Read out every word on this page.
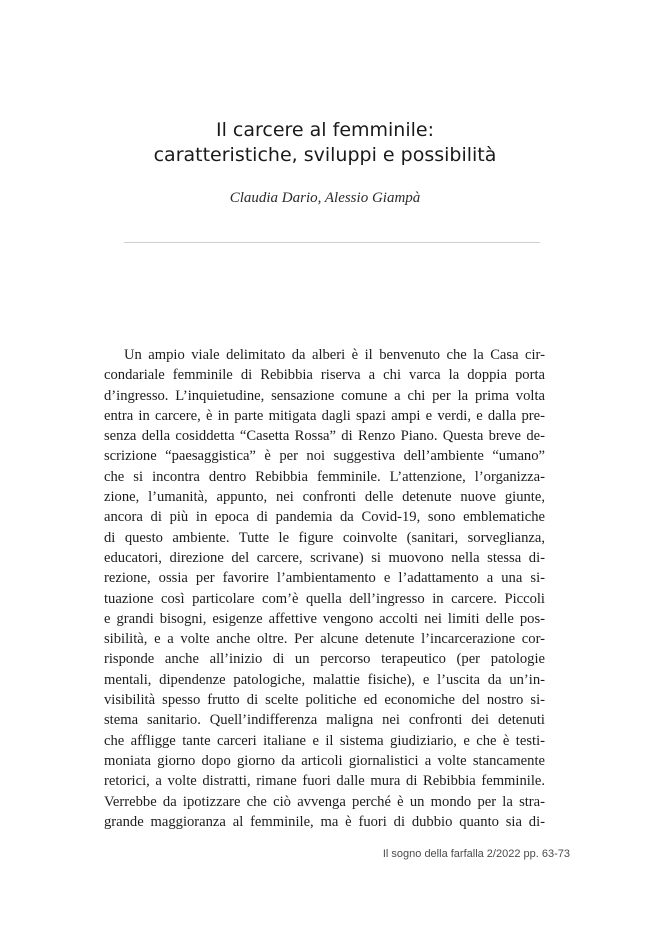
Il carcere al femminile:
caratteristiche, sviluppi e possibilità
Claudia Dario, Alessio Giampà
Un ampio viale delimitato da alberi è il benvenuto che la Casa cir-
condariale femminile di Rebibbia riserva a chi varca la doppia porta
d’ingresso. L’inquietudine, sensazione comune a chi per la prima volta
entra in carcere, è in parte mitigata dagli spazi ampi e verdi, e dalla pre-
senza della cosiddetta “Casetta Rossa” di Renzo Piano. Questa breve de-
scrizione “paesaggistica” è per noi suggestiva dell’ambiente “umano”
che si incontra dentro Rebibbia femminile. L’attenzione, l’organizza-
zione, l’umanità, appunto, nei confronti delle detenute nuove giunte,
ancora di più in epoca di pandemia da Covid-19, sono emblematiche
di questo ambiente. Tutte le figure coinvolte (sanitari, sorveglianza,
educatori, direzione del carcere, scrivane) si muovono nella stessa di-
rezione, ossia per favorire l’ambientamento e l’adattamento a una si-
tuazione così particolare com’è quella dell’ingresso in carcere. Piccoli
e grandi bisogni, esigenze affettive vengono accolti nei limiti delle pos-
sibilità, e a volte anche oltre. Per alcune detenute l’incarcerazione cor-
risponde anche all’inizio di un percorso terapeutico (per patologie
mentali, dipendenze patologiche, malattie fisiche), e l’uscita da un’in-
visibilità spesso frutto di scelte politiche ed economiche del nostro si-
stema sanitario. Quell’indifferenza maligna nei confronti dei detenuti
che affligge tante carceri italiane e il sistema giudiziario, e che è testi-
moniata giorno dopo giorno da articoli giornalistici a volte stancamente
retorici, a volte distratti, rimane fuori dalle mura di Rebibbia femminile.
Verrebbe da ipotizzare che ciò avvenga perché è un mondo per la stra-
grande maggioranza al femminile, ma è fuori di dubbio quanto sia di-
Il sogno della farfalla 2/2022 pp. 63-73
